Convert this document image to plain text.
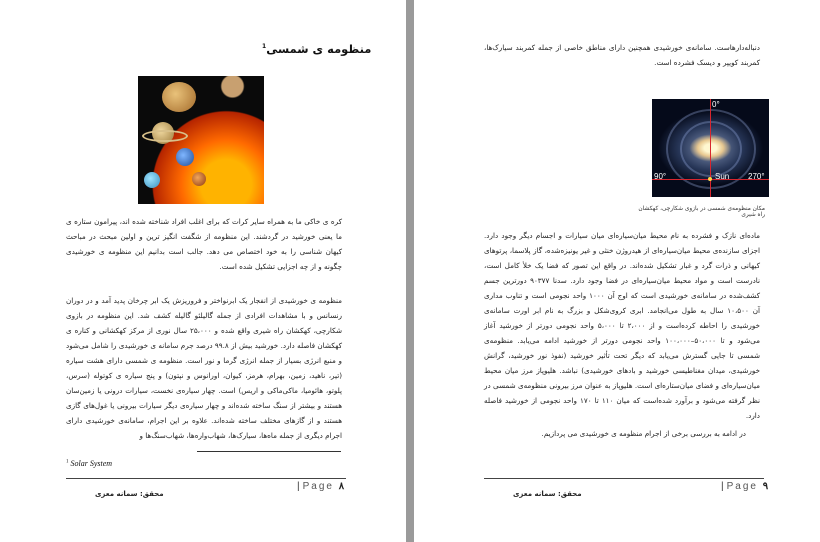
منظومه ی شمسی$^1$
کره ی خاکی ما به همراه سایر کرات که برای اغلب افراد شناخته شده اند، پیرامون ستاره ی ما یعنی خورشید در گردشند. این منظومه از شگفت انگیز ترین و اولین مبحث در مباحث کیهان شناسی را به خود اختصاص می دهد. جالب است بدانیم این منظومه ی خورشیدی چگونه و از چه اجزایی تشکیل شده است.
منظومه ی خورشیدی از انفجار یک ابرنواختر و فروریزش یک ابر چرخان پدید آمد و در دوران رنسانس و با مشاهدات افرادی از جمله گالیلئو گالیله کشف شد. این منظومه در بازوی شکارچی، کهکشان راه شیری واقع شده و ۲۵،۰۰۰ سال نوری از مرکز کهکشانی و کناره ی کهکشان فاصله دارد. خورشید بیش از ۹۹.۸ درصد جرم سامانه ی خورشیدی را شامل می‌شود و منبع انرژی بسیار از جمله انرژی گرما و نور است. منظومه ی شمسی دارای هشت سیاره (تیر، ناهید، زمین، بهرام، هرمز، کیوان، اورانوس و نپتون) و پنج سیاره ی کوتوله (سرس، پلوتو، هائومیا، ماکی‌ماکی و اریس) است. چهار سیاره‌ی نخست، سیارات درونی یا زمین‌سان هستند و بیشتر از سنگ ساخته شده‌اند و چهار سیاره‌ی دیگر سیارات بیرونی یا غول‌های گازی هستند و از گازهای مختلف ساخته شده‌اند. علاوه بر این اجرام، سامانه‌ی خورشیدی دارای اجرام دیگری از جمله ماه‌ها، سیارک‌ها، شهاب‌واره‌ها، شهاب‌سنگ‌ها و
$^1$ Solar System
| Page ۸
محقق: سمانه معزی
دنباله‌دارهاست. سامانه‌ی خورشیدی همچنین دارای مناطق خاصی از جمله کمربند سیارک‌ها، کمربند کویپر و دیسک فشرده است.
ماده‌ای نازک و فشرده به نام محیط میان‌سیاره‌ای میان سیارات و اجسام دیگر وجود دارد. اجزای سازنده‌ی محیط میان‌سیاره‌ای از هیدروژن خنثی و غیر یونیزه‌شده، گاز پلاسما، پرتوهای کیهانی و ذرات گرد و غبار تشکیل شده‌اند. در واقع این تصور که فضا یک خلأ کامل است، نادرست است و مواد محیط میان‌سیاره‌ای در فضا وجود دارد. سدنا ۹۰۳۷۷ دورترین جسم کشف‌شده در سامانه‌ی خورشیدی است که اوج آن ۱۰۰۰ واحد نجومی است و تناوب مداری آن ۱۰،۵۰۰ سال به طول می‌انجامد. ابری کروی‌شکل و بزرگ به نام ابر اورت سامانه‌ی خورشیدی را احاطه کرده‌است و از ۲،۰۰۰ تا ۵،۰۰۰ واحد نجومی دورتر از خورشید آغاز می‌شود و تا ۵۰،۰۰۰–۱۰۰،۰۰۰ واحد نجومی دورتر از خورشید ادامه می‌یابد. منظومه‌ی شمسی تا جایی گسترش می‌یابد که دیگر تحت تأثیر خورشید (نفوذ نور خورشید، گرانش خورشیدی، میدان مغناطیسی خورشید و بادهای خورشیدی) نباشد. هلیوپاز مرز میان محیط میان‌سیاره‌ای و فضای میان‌ستاره‌ای است. هلیوپاز به عنوان مرز بیرونی منظومه‌ی شمسی در نظر گرفته می‌شود و برآورد شده‌است که میان ۱۱۰ تا ۱۷۰ واحد نجومی از خورشید فاصله دارد.
در ادامه به بررسی برخی از اجرام منظومه ی خورشیدی می پردازیم.
| Page ۹
محقق: سمانه معزی
0°
90°	270°
Sun
مکان منظومه‌ی شمسی در بازوی شکارچی، کهکشان راه شیری
